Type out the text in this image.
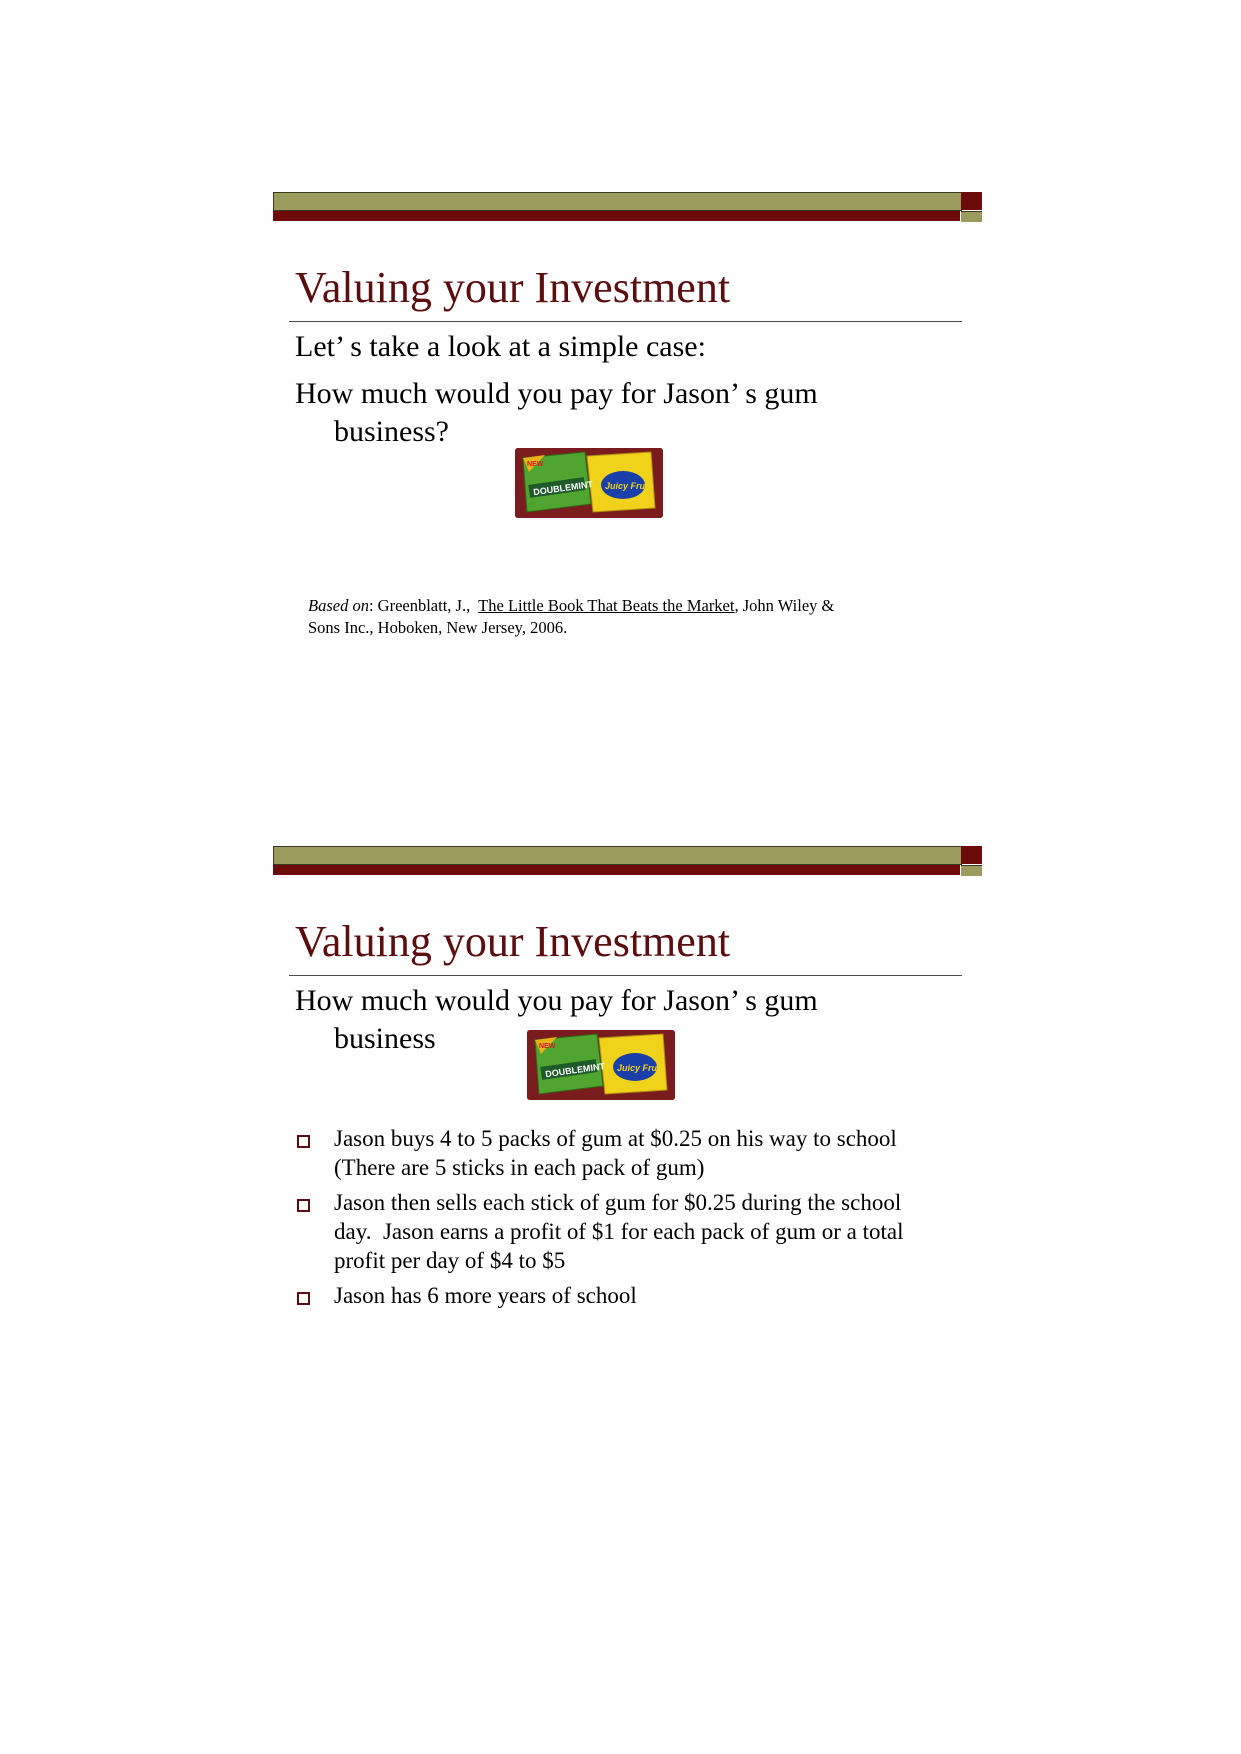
Valuing your Investment
Let’ s take a look at a simple case:
How much would you pay for Jason’ s gum
business?
NEW
DOUBLEMINT Juicy Fruit
Based on: Greenblatt, J., The Little Book That Beats the Market, John Wiley &
Sons Inc., Hoboken, New Jersey, 2006.
Valuing your Investment
How much would you pay for Jason’ s gum
business	NEW
DOUBLEMINT Juicy Fruit
Jason buys 4 to 5 packs of gum at $0.25 on his way to school
(There are 5 sticks in each pack of gum)
Jason then sells each stick of gum for $0.25 during the school
day.  Jason earns a profit of $1 for each pack of gum or a total
profit per day of $4 to $5
Jason has 6 more years of school
